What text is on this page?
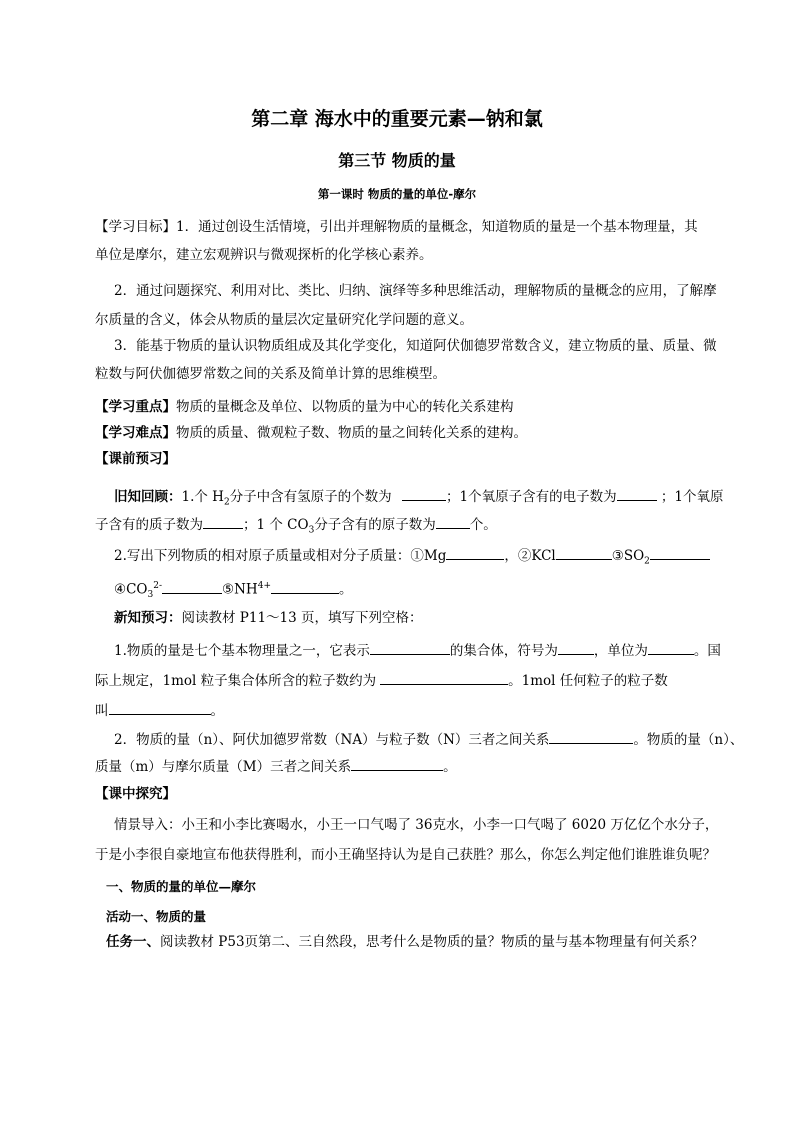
第二章 海水中的重要元素—钠和氯
第三节 物质的量
第一课时 物质的量的单位-摩尔
【学习目标】1．通过创设生活情境，引出并理解物质的量概念，知道物质的量是一个基本物理量，其
单位是摩尔，建立宏观辨识与微观探析的化学核心素养。
2．通过问题探究、利用对比、类比、归纳、演绎等多种思维活动，理解物质的量概念的应用，了解摩
尔质量的含义，体会从物质的量层次定量研究化学问题的意义。
3．能基于物质的量认识物质组成及其化学变化，知道阿伏伽德罗常数含义，建立物质的量、质量、微
粒数与阿伏伽德罗常数之间的关系及简单计算的思维模型。
【学习重点】物质的量概念及单位、以物质的量为中心的转化关系建构
【学习难点】物质的质量、微观粒子数、物质的量之间转化关系的建构。
【课前预习】
旧知回顾：1.个 $H_2$分子中含有氢原子的个数为	；1个氧原子含有的电子数为	；1个氧原
子含有的质子数为	；1 个 $CO_3$分子含有的原子数为	个。
2.写出下列物质的相对原子质量或相对分子质量：①Mg	，②KCl	$③SO_2$
$④CO_3^{2-}$	$⑤NH^{4+}$	。
新知预习：阅读教材 P11～13 页，填写下列空格：
1.物质的量是七个基本物理量之一，它表示	的集合体，符号为	，单位为	。国
际上规定，1mol 粒子集合体所含的粒子数约为	。1mol 任何粒子的粒子数
叫	。
2．物质的量（n）、阿伏加德罗常数（NA）与粒子数（N）三者之间关系	。物质的量（n）、
质量（m）与摩尔质量（M）三者之间关系	。
【课中探究】
情景导入：小王和小李比赛喝水，小王一口气喝了 36克水，小李一口气喝了 6020 万亿亿个水分子，
于是小李很自豪地宣布他获得胜利，而小王确坚持认为是自己获胜？那么，你怎么判定他们谁胜谁负呢？
一、物质的量的单位—摩尔
活动一、物质的量
任务一、阅读教材 P53页第二、三自然段，思考什么是物质的量？物质的量与基本物理量有何关系？
